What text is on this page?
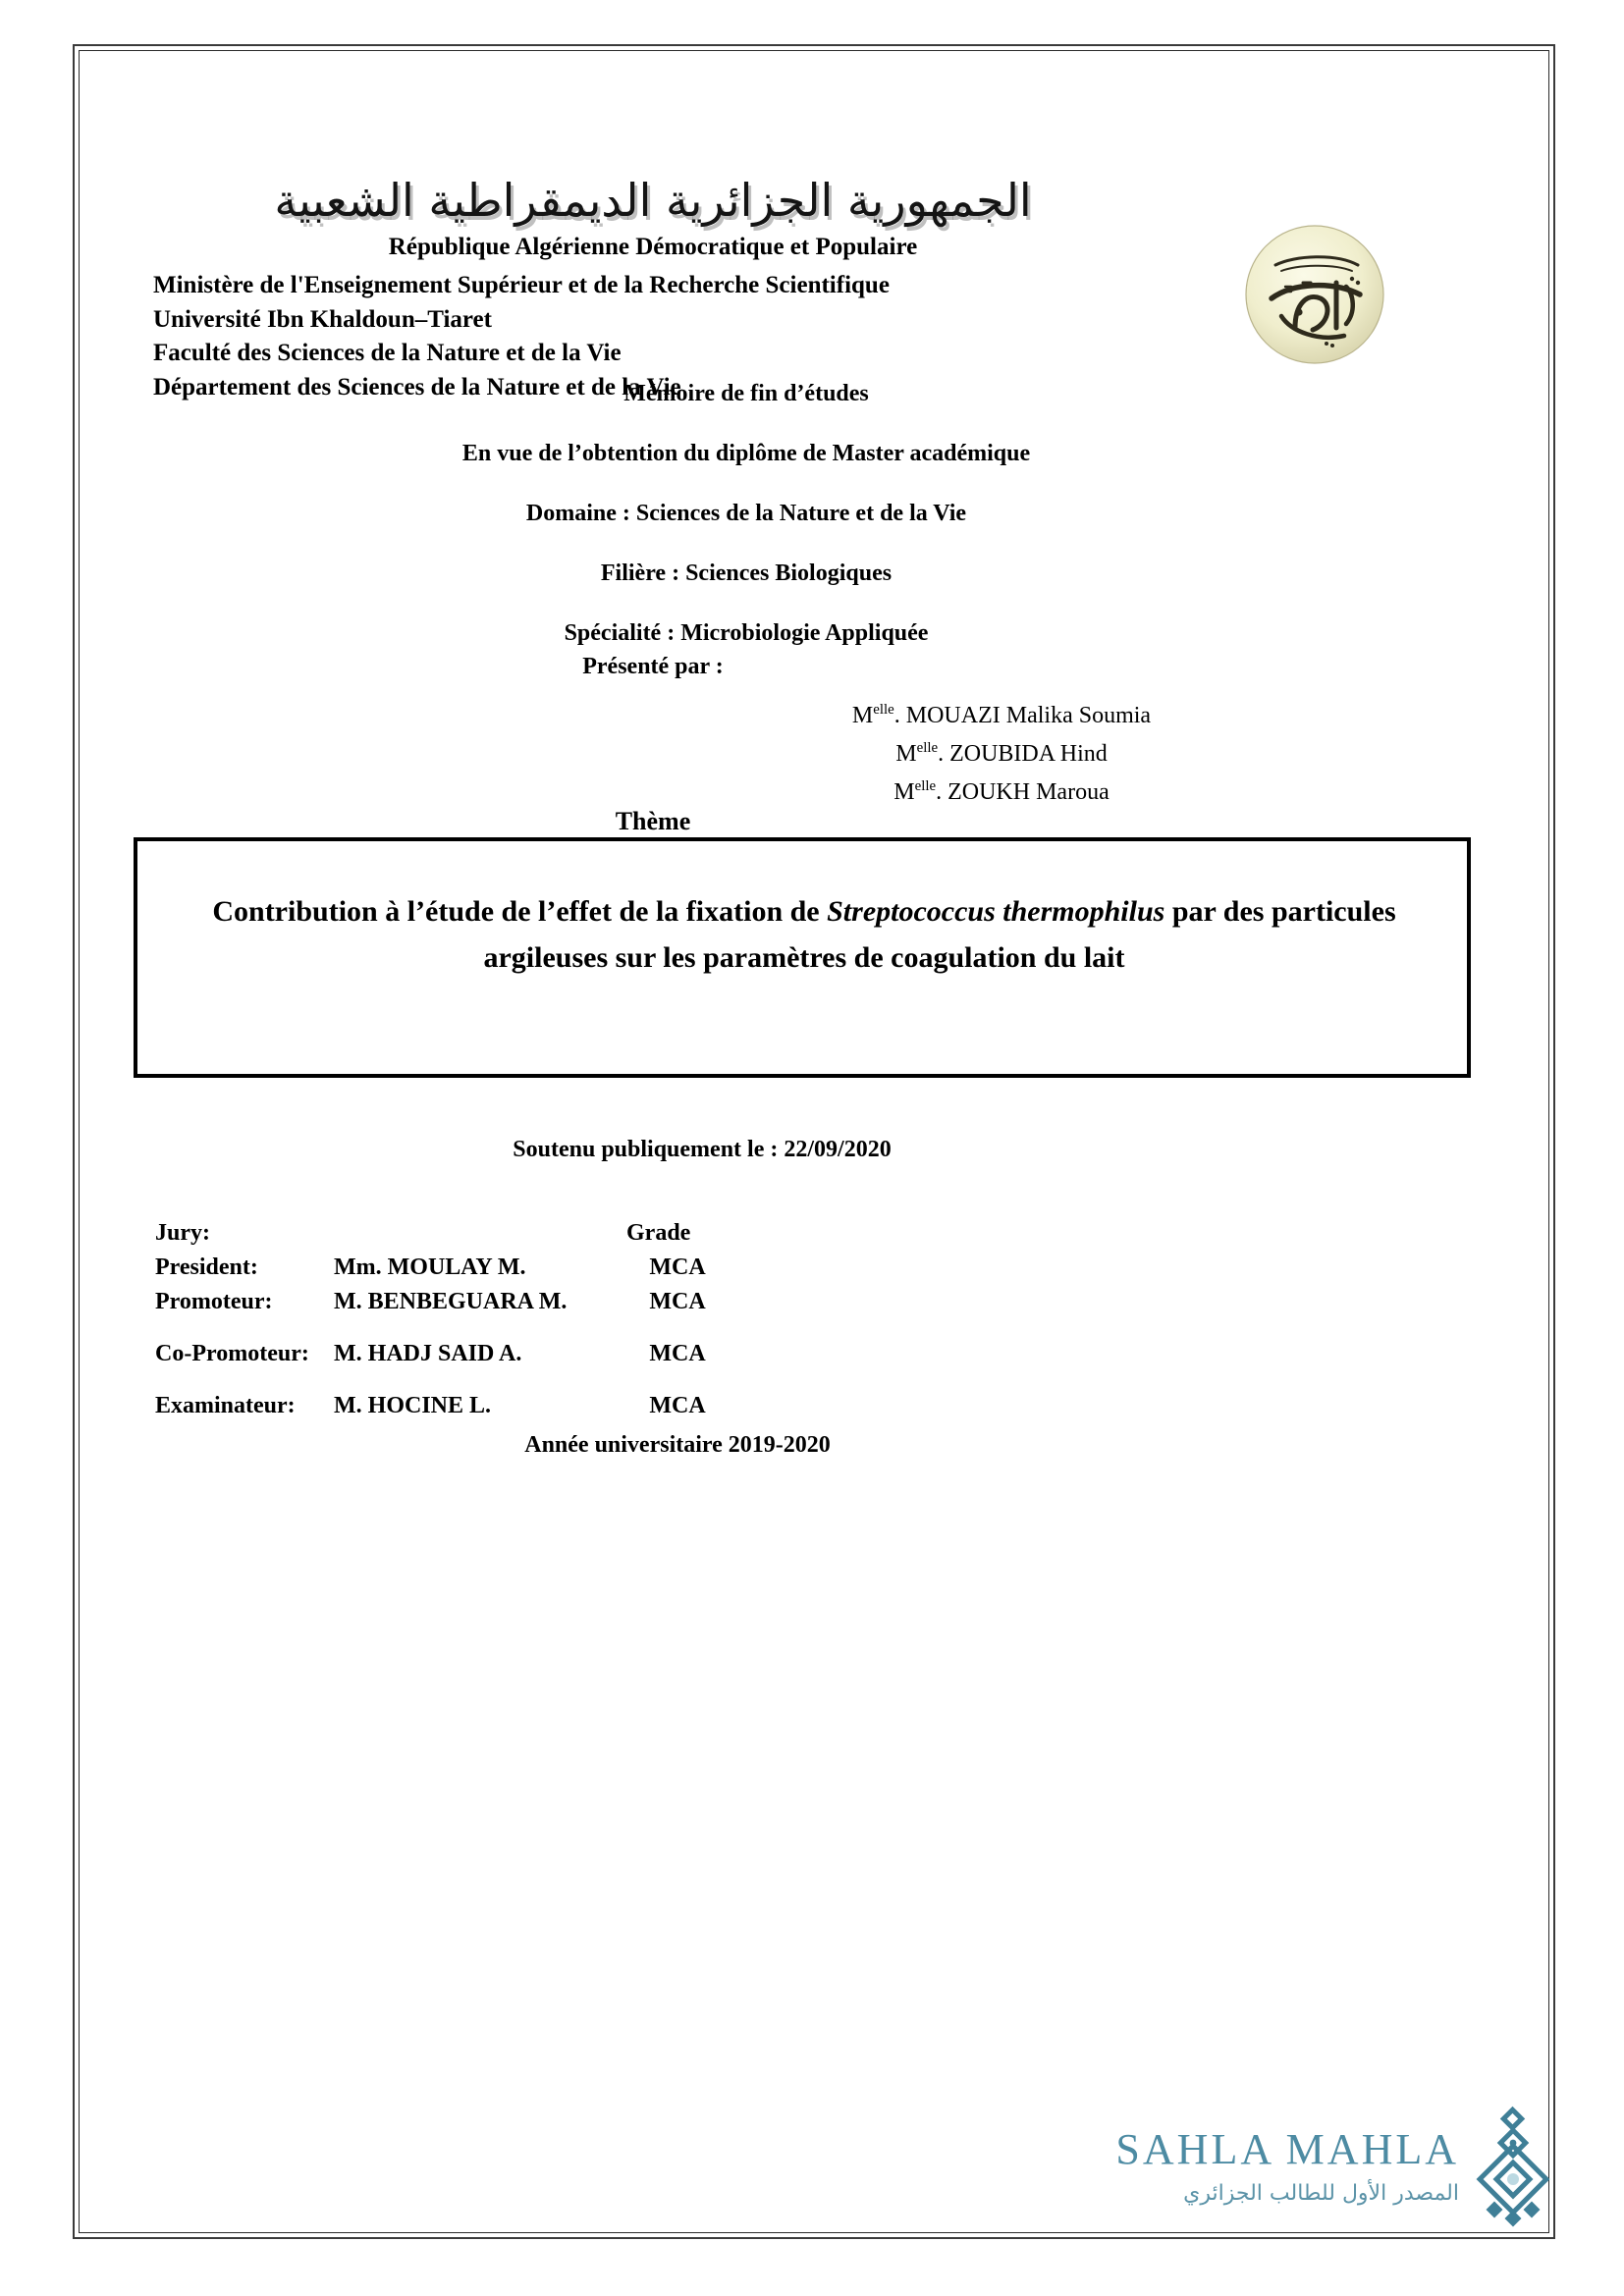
الجمهورية الجزائرية الديمقراطية الشعبية
République Algérienne Démocratique et Populaire
Ministère de l'Enseignement Supérieur et de la Recherche Scientifique
Université Ibn Khaldoun–Tiaret
Faculté des Sciences de la Nature et de la Vie
Département des Sciences de la Nature et de la Vie
Mémoire de fin d’études
En vue de l’obtention du diplôme de Master académique
Domaine : Sciences de la Nature et de la Vie
Filière : Sciences Biologiques
Spécialité : Microbiologie Appliquée
Présenté par :
$M^{elle}$. MOUAZI Malika Soumia
$M^{elle}$. ZOUBIDA Hind
$M^{elle}$. ZOUKH Maroua
Thème
Contribution à l’étude de l’effet de la fixation de Streptococcus thermophilus par des particules argileuses sur les paramètres de coagulation du lait
Soutenu publiquement le : 22/09/2020
Jury:	Grade
President:	Mm. MOULAY M.	MCA
Promoteur:	M. BENBEGUARA M.	MCA
Co-Promoteur:	M. HADJ SAID A.	MCA
Examinateur:	M. HOCINE L.	MCA
Année universitaire 2019-2020
SAHLA MAHLA
المصدر الأول للطالب الجزائري
